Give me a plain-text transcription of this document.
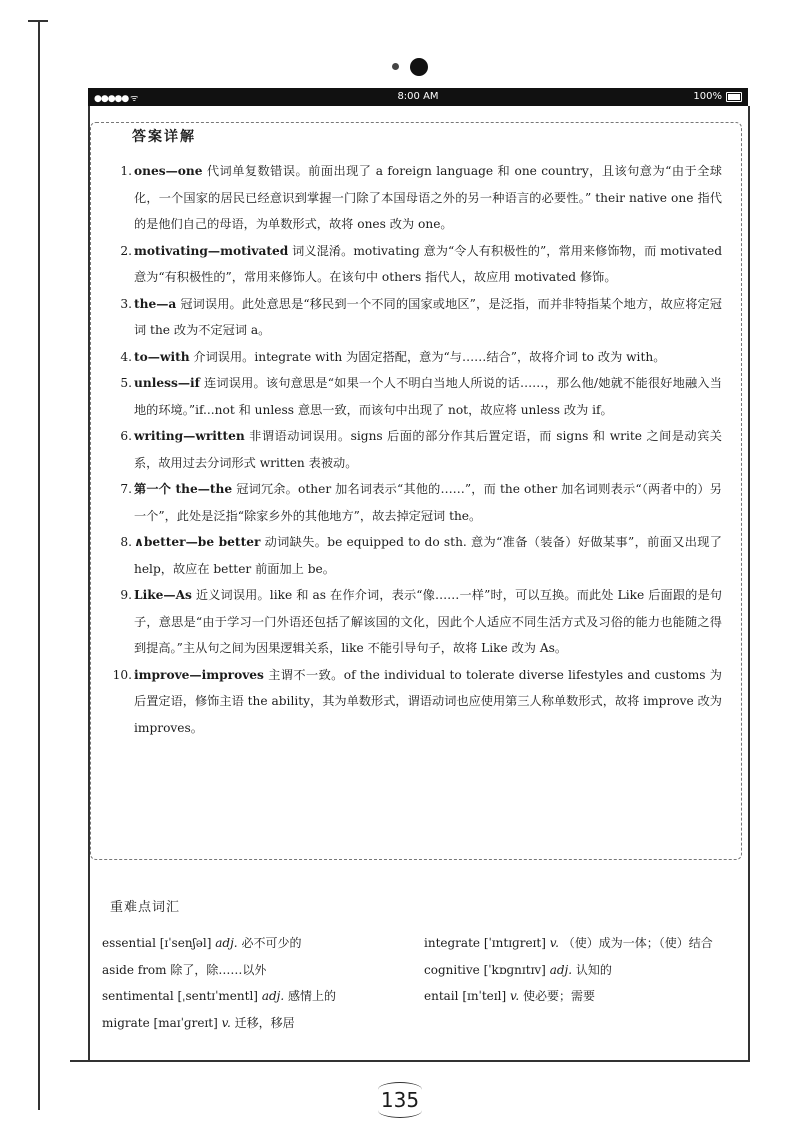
●●●●● ᯤ	8:00 AM	100%
答案详解
1. ones—one 代词单复数错误。前面出现了 a foreign language 和 one country，且该句意为“由于全球化，一个国家的居民已经意识到掌握一门除了本国母语之外的另一种语言的必要性。” their native one 指代的是他们自己的母语，为单数形式，故将 ones 改为 one。
2. motivating—motivated 词义混淆。motivating 意为“令人有积极性的”，常用来修饰物，而 motivated 意为“有积极性的”，常用来修饰人。在该句中 others 指代人，故应用 motivated 修饰。
3. the—a 冠词误用。此处意思是“移民到一个不同的国家或地区”，是泛指，而并非特指某个地方，故应将定冠词 the 改为不定冠词 a。
4. to—with 介词误用。integrate with 为固定搭配，意为“与……结合”，故将介词 to 改为 with。
5. unless—if 连词误用。该句意思是“如果一个人不明白当地人所说的话……，那么他/她就不能很好地融入当地的环境。”if...not 和 unless 意思一致，而该句中出现了 not，故应将 unless 改为 if。
6. writing—written 非谓语动词误用。signs 后面的部分作其后置定语，而 signs 和 write 之间是动宾关系，故用过去分词形式 written 表被动。
7. 第一个 the—the 冠词冗余。other 加名词表示“其他的……”，而 the other 加名词则表示“（两者中的）另一个”，此处是泛指“除家乡外的其他地方”，故去掉定冠词 the。
8. ∧better—be better 动词缺失。be equipped to do sth. 意为“准备（装备）好做某事”，前面又出现了 help，故应在 better 前面加上 be。
9. Like—As 近义词误用。like 和 as 在作介词，表示“像……一样”时，可以互换。而此处 Like 后面跟的是句子，意思是“由于学习一门外语还包括了解该国的文化，因此个人适应不同生活方式及习俗的能力也能随之得到提高。”主从句之间为因果逻辑关系，like 不能引导句子，故将 Like 改为 As。
10. improve—improves 主谓不一致。of the individual to tolerate diverse lifestyles and customs 为后置定语，修饰主语 the ability，其为单数形式，谓语动词也应使用第三人称单数形式，故将 improve 改为 improves。
重难点词汇
essential [ɪˈsenʃəl] adj. 必不可少的
aside from 除了，除……以外
sentimental [ˌsentɪˈmentl] adj. 感情上的
migrate [maɪˈɡreɪt] v. 迁移，移居
integrate [ˈɪntɪɡreɪt] v. （使）成为一体；（使）结合
cognitive [ˈkɒɡnɪtɪv] adj. 认知的
entail [ɪnˈteɪl] v. 使必要；需要
135
